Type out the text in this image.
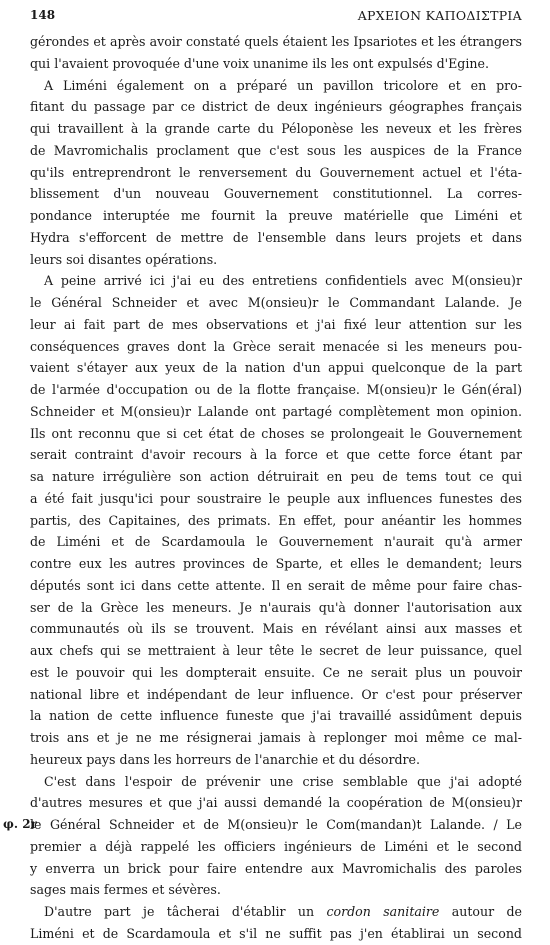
148	ΑΡΧΕΙΟΝ ΚΑΠΟΔΙΣΤΡΙΑ
φ. 2r
gérondes et après avoir constaté quels étaient les Ipsariotes et les étrangers
qui l'avaient provoquée d'une voix unanime ils les ont expulsés d'Egine.
A Liméni également on a préparé un pavillon tricolore et en pro-
fitant du passage par ce district de deux ingénieurs géographes français
qui travaillent à la grande carte du Péloponèse les neveux et les frères
de Mavromichalis proclament que c'est sous les auspices de la France
qu'ils entreprendront le renversement du Gouvernement actuel et l'éta-
blissement d'un nouveau Gouvernement constitutionnel. La corres-
pondance interuptée me fournit la preuve matérielle que Liméni et
Hydra s'efforcent de mettre de l'ensemble dans leurs projets et dans
leurs soi disantes opérations.
A peine arrivé ici j'ai eu des entretiens confidentiels avec M(onsieu)r
le Général Schneider et avec M(onsieu)r le Commandant Lalande. Je
leur ai fait part de mes observations et j'ai fixé leur attention sur les
conséquences graves dont la Grèce serait menacée si les meneurs pou-
vaient s'étayer aux yeux de la nation d'un appui quelconque de la part
de l'armée d'occupation ou de la flotte française. M(onsieu)r le Gén(éral)
Schneider et M(onsieu)r Lalande ont partagé complètement mon opinion.
Ils ont reconnu que si cet état de choses se prolongeait le Gouvernement
serait contraint d'avoir recours à la force et que cette force étant par
sa nature irrégulière son action détruirait en peu de tems tout ce qui
a été fait jusqu'ici pour soustraire le peuple aux influences funestes des
partis, des Capitaines, des primats. En effet, pour anéantir les hommes
de Liméni et de Scardamoula le Gouvernement n'aurait qu'à armer
contre eux les autres provinces de Sparte, et elles le demandent; leurs
députés sont ici dans cette attente. Il en serait de même pour faire chas-
ser de la Grèce les meneurs. Je n'aurais qu'à donner l'autorisation aux
communautés où ils se trouvent. Mais en révélant ainsi aux masses et
aux chefs qui se mettraient à leur tête le secret de leur puissance, quel
est le pouvoir qui les dompterait ensuite. Ce ne serait plus un pouvoir
national libre et indépendant de leur influence. Or c'est pour préserver
la nation de cette influence funeste que j'ai travaillé assidûment depuis
trois ans et je ne me résignerai jamais à replonger moi même ce mal-
heureux pays dans les horreurs de l'anarchie et du désordre.
C'est dans l'espoir de prévenir une crise semblable que j'ai adopté
d'autres mesures et que j'ai aussi demandé la coopération de M(onsieu)r
le Général Schneider et de M(onsieu)r le Com(mandan)t Lalande. / Le
premier a déjà rappelé les officiers ingénieurs de Liméni et le second
y enverra un brick pour faire entendre aux Mavromichalis des paroles
sages mais fermes et sévères.
D'autre part je tâcherai d'établir un cordon sanitaire autour de
Liméni et de Scardamoula et s'il ne suffit pas j'en établirai un second
